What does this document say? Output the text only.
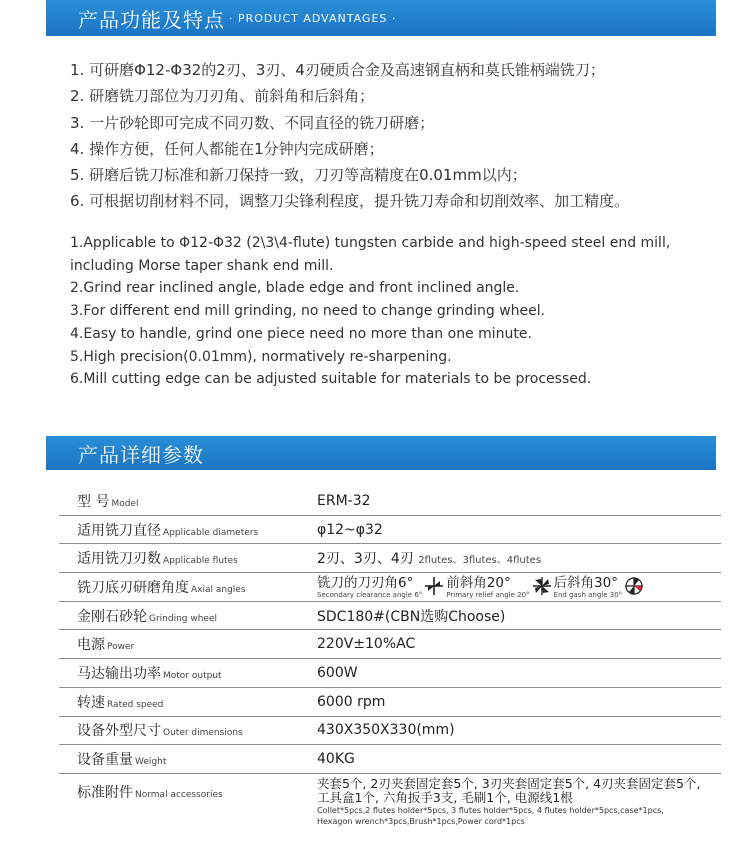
产品功能及特点 · PRODUCT ADVANTAGES ·
1. 可研磨Φ12-Φ32的2刃、3刃、4刃硬质合金及高速钢直柄和莫氏锥柄端铣刀；
2. 研磨铣刀部位为刀刃角、前斜角和后斜角；
3. 一片砂轮即可完成不同刃数、不同直径的铣刀研磨；
4. 操作方便，任何人都能在1分钟内完成研磨；
5. 研磨后铣刀标准和新刀保持一致，刀刃等高精度在0.01mm以内；
6. 可根据切削材料不同，调整刀尖锋利程度，提升铣刀寿命和切削效率、加工精度。
1.Applicable to Φ12-Φ32 (2\3\4-flute) tungsten carbide and high-speed steel end mill,
including Morse taper shank end mill.
2.Grind rear inclined angle, blade edge and front inclined angle.
3.For different end mill grinding, no need to change grinding wheel.
4.Easy to handle, grind one piece need no more than one minute.
5.High precision(0.01mm), normatively re-sharpening.
6.Mill cutting edge can be adjusted suitable for materials to be processed.
产品详细参数
型 号 Model	ERM-32
适用铣刀直径 Applicable diameters	φ12~φ32
适用铣刀刃数 Applicable flutes	2刃、3刃、4刃 2flutes、3flutes、4flutes
铣刀底刃研磨角度 Axial angles	铣刀的刀刃角6°
Secondary clearance angle 6°
前斜角20°
Primary relief angle 20°
后斜角30°
End gash angle 30°
金刚石砂轮 Grinding wheel	SDC180#(CBN选购Choose)
电源 Power	220V±10%AC
马达输出功率 Motor output	600W
转速 Rated speed	6000 rpm
设备外型尺寸 Outer dimensions	430X350X330(mm)
设备重量 Weight	40KG
标准附件 Normal accessories
夹套5个, 2刃夹套固定套5个, 3刃夹套固定套5个, 4刃夹套固定套5个,
工具盒1个, 六角扳手3支, 毛刷1个, 电源线1根
Collet*5pcs,2 flutes holder*5pcs, 3 flutes holder*5pcs, 4 flutes holder*5pcs,case*1pcs,
Hexagon wrench*3pcs,Brush*1pcs,Power cord*1pcs
